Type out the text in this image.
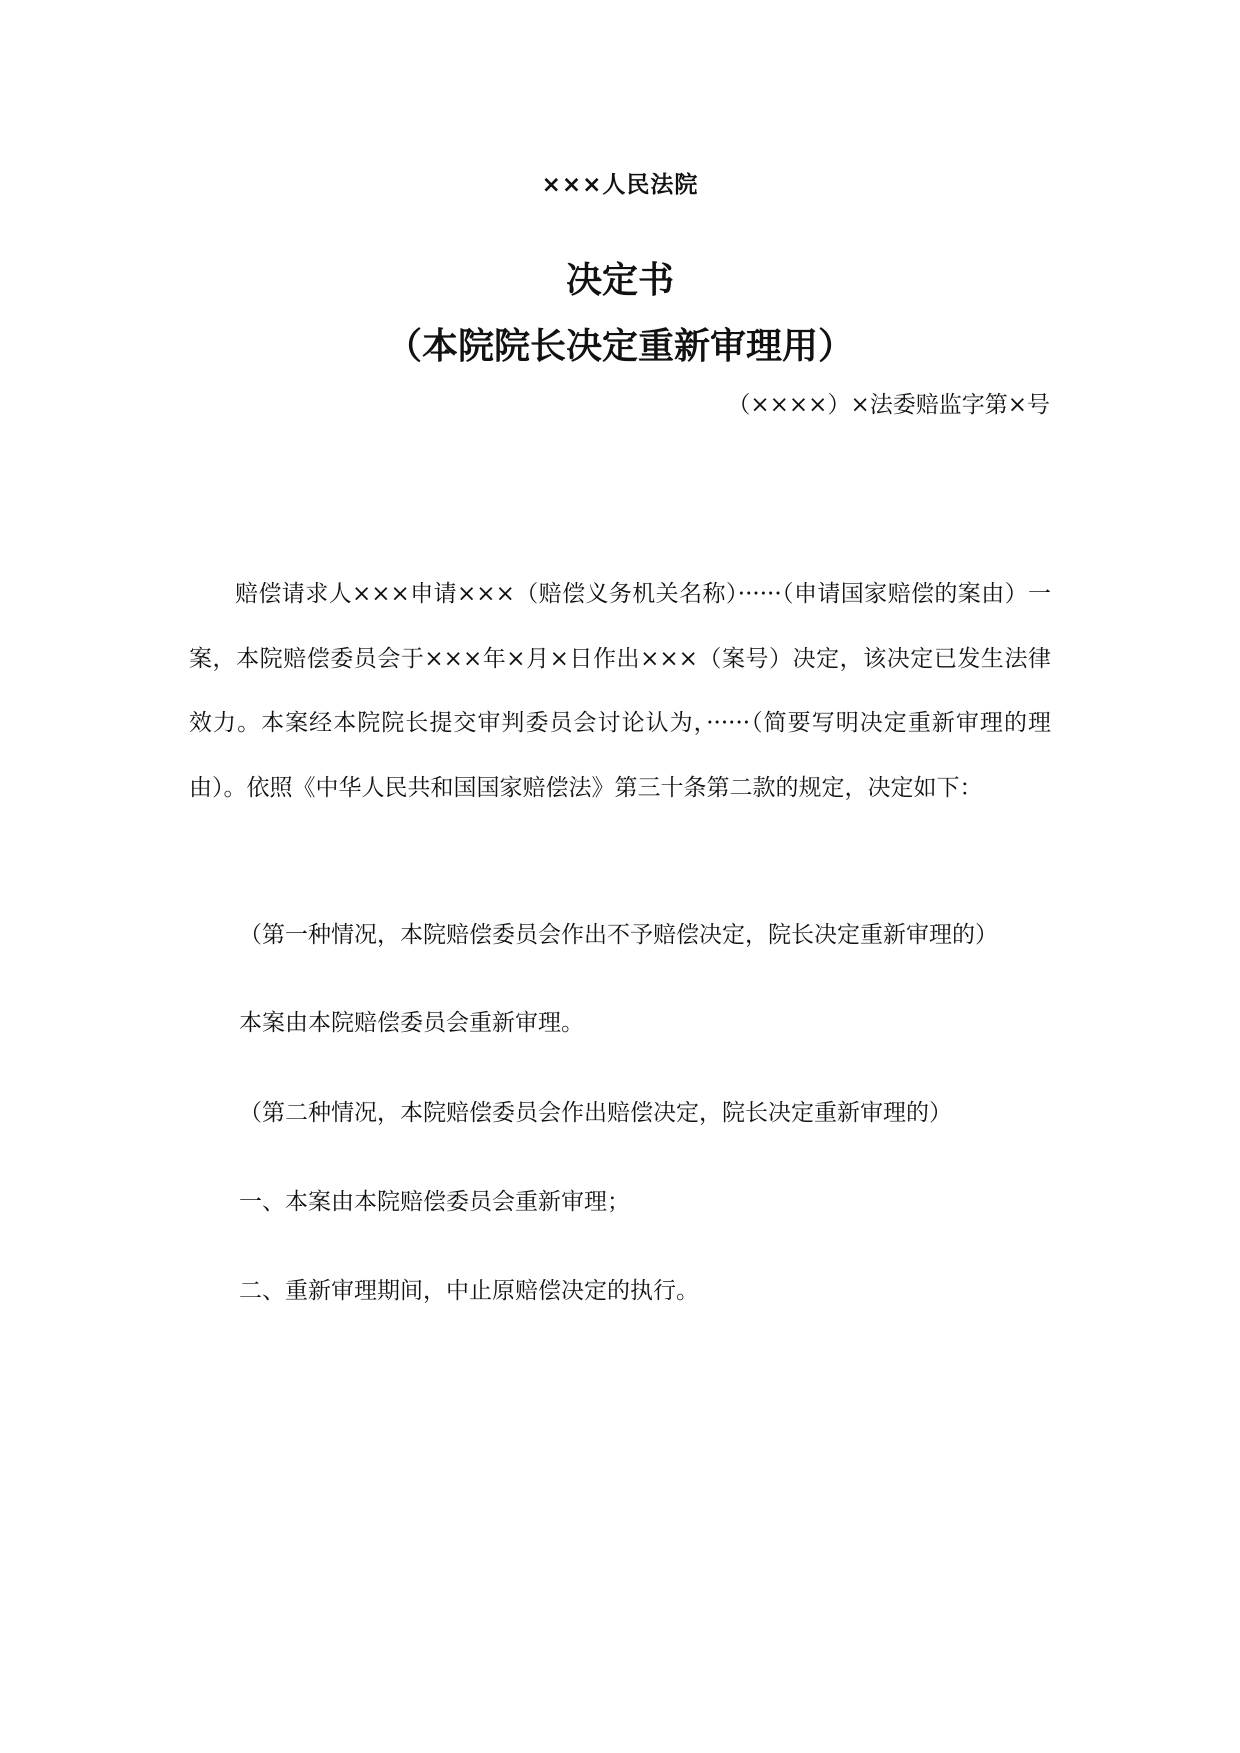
×××人民法院
决定书
（本院院长决定重新审理用）
（××××）×法委赔监字第×号

赔偿请求人×××申请×××（赔偿义务机关名称）······（申请国家赔偿的案由）一案，本院赔偿委员会于×××年×月×日作出×××（案号）决定，该决定已发生法律效力。本案经本院院长提交审判委员会讨论认为，······（简要写明决定重新审理的理由）。依照《中华人民共和国国家赔偿法》第三十条第二款的规定，决定如下：

（第一种情况，本院赔偿委员会作出不予赔偿决定，院长决定重新审理的）
本案由本院赔偿委员会重新审理。
（第二种情况，本院赔偿委员会作出赔偿决定，院长决定重新审理的）
一、本案由本院赔偿委员会重新审理；
二、重新审理期间，中止原赔偿决定的执行。
